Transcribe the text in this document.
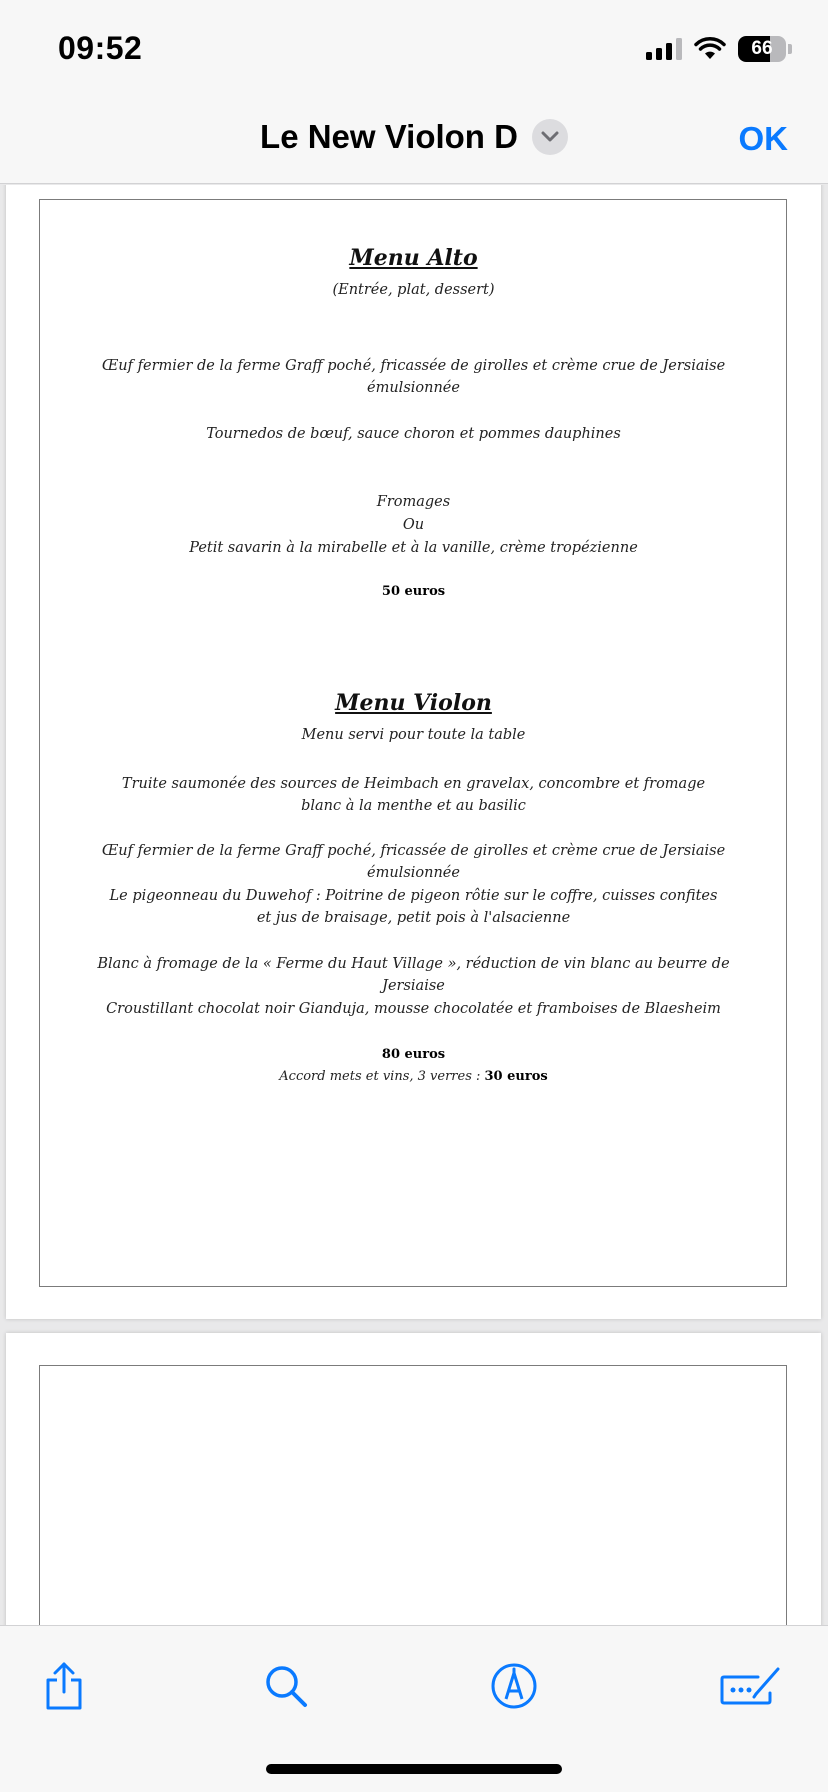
09:52	66
Le New Violon D	OK
Menu Alto
(Entrée, plat, dessert)
Œuf fermier de la ferme Graff poché, fricassée de girolles et crème crue de Jersiaise émulsionnée
Tournedos de bœuf, sauce choron et pommes dauphines
Fromages
Ou
Petit savarin à la mirabelle et à la vanille, crème tropézienne
50 euros
Menu Violon
Menu servi pour toute la table
Truite saumonée des sources de Heimbach en gravelax, concombre et fromage blanc à la menthe et au basilic
Œuf fermier de la ferme Graff poché, fricassée de girolles et crème crue de Jersiaise émulsionnée
Le pigeonneau du Duwehof : Poitrine de pigeon rôtie sur le coffre, cuisses confites et jus de braisage, petit pois à l'alsacienne
Blanc à fromage de la « Ferme du Haut Village », réduction de vin blanc au beurre de Jersiaise
Croustillant chocolat noir Gianduja, mousse chocolatée et framboises de Blaesheim
80 euros
Accord mets et vins, 3 verres : 30 euros
